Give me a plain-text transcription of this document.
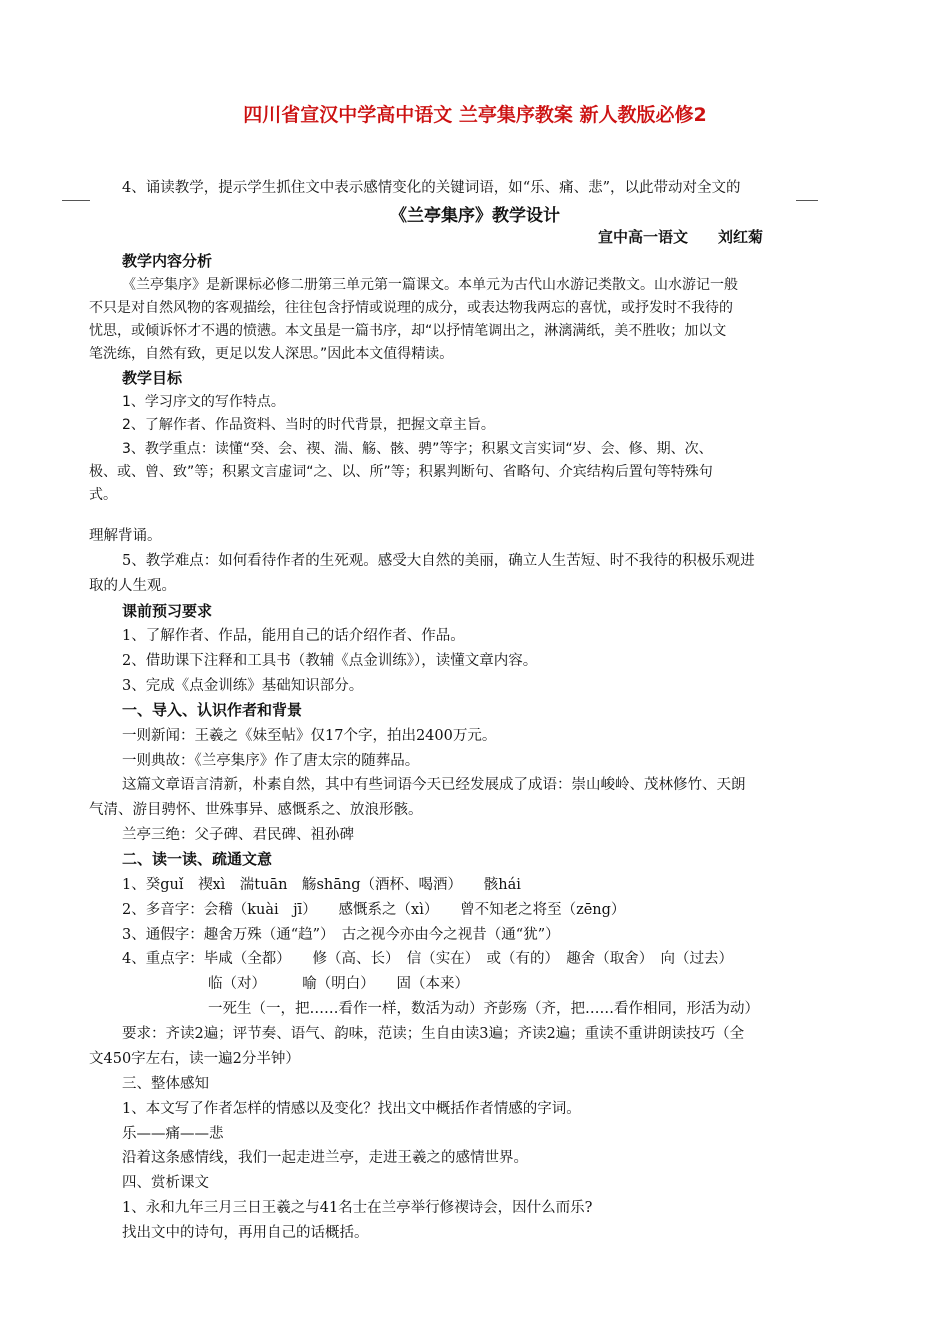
四川省宣汉中学高中语文 兰亭集序教案 新人教版必修2
4、诵读教学，提示学生抓住文中表示感情变化的关键词语，如“乐、痛、悲”，以此带动对全文的
《兰亭集序》教学设计
宣中高一语文　　刘红菊
教学内容分析
《兰亭集序》是新课标必修二册第三单元第一篇课文。本单元为古代山水游记类散文。山水游记一般
不只是对自然风物的客观描绘，往往包含抒情或说理的成分，或表达物我两忘的喜忧，或抒发时不我待的
忧思，或倾诉怀才不遇的愤懑。本文虽是一篇书序，却“以抒情笔调出之，淋漓满纸，美不胜收；加以文
笔洗练，自然有致，更足以发人深思。”因此本文值得精读。
教学目标
1、学习序文的写作特点。
2、了解作者、作品资料、当时的时代背景，把握文章主旨。
3、教学重点：读懂“癸、会、禊、湍、觞、骸、骋”等字；积累文言实词“岁、会、修、期、次、
极、或、曾、致”等；积累文言虚词“之、以、所”等；积累判断句、省略句、介宾结构后置句等特殊句
式。
理解背诵。
5、教学难点：如何看待作者的生死观。感受大自然的美丽，确立人生苦短、时不我待的积极乐观进
取的人生观。
课前预习要求
1、了解作者、作品，能用自己的话介绍作者、作品。
2、借助课下注释和工具书（教辅《点金训练》），读懂文章内容。
3、完成《点金训练》基础知识部分。
一、导入、认识作者和背景
一则新闻：王羲之《妹至帖》仅17个字，拍出2400万元。
一则典故：《兰亭集序》作了唐太宗的随葬品。
这篇文章语言清新，朴素自然，其中有些词语今天已经发展成了成语：崇山峻岭、茂林修竹、天朗
气清、游目骋怀、世殊事异、感慨系之、放浪形骸。
兰亭三绝：父子碑、君民碑、祖孙碑
二、读一读、疏通文意
1、癸guǐ　禊xì　湍tuān　觞shāng（酒杯、喝酒）　　骸hái
2、多音字：会稽（kuài　jī）　　感慨系之（xì）　　曾不知老之将至（zēng）
3、通假字：趣舍万殊（通“趋”）　古之视今亦由今之视昔（通“犹”）
4、重点字：毕咸（全都）　　修（高、长）　信（实在）　或（有的）　趣舍（取舍）　向（过去）
临（对）　　　喻（明白）　　固（本来）
一死生（一，把……看作一样，数活为动）齐彭殇（齐，把……看作相同，形活为动）
要求：齐读2遍；评节奏、语气、韵味，范读；生自由读3遍；齐读2遍；重读不重讲朗读技巧（全
文450字左右，读一遍2分半钟）
三、整体感知
1、本文写了作者怎样的情感以及变化？找出文中概括作者情感的字词。
乐——痛——悲
沿着这条感情线，我们一起走进兰亭，走进王羲之的感情世界。
四、赏析课文
1、永和九年三月三日王羲之与41名士在兰亭举行修禊诗会，因什么而乐?
找出文中的诗句，再用自己的话概括。
